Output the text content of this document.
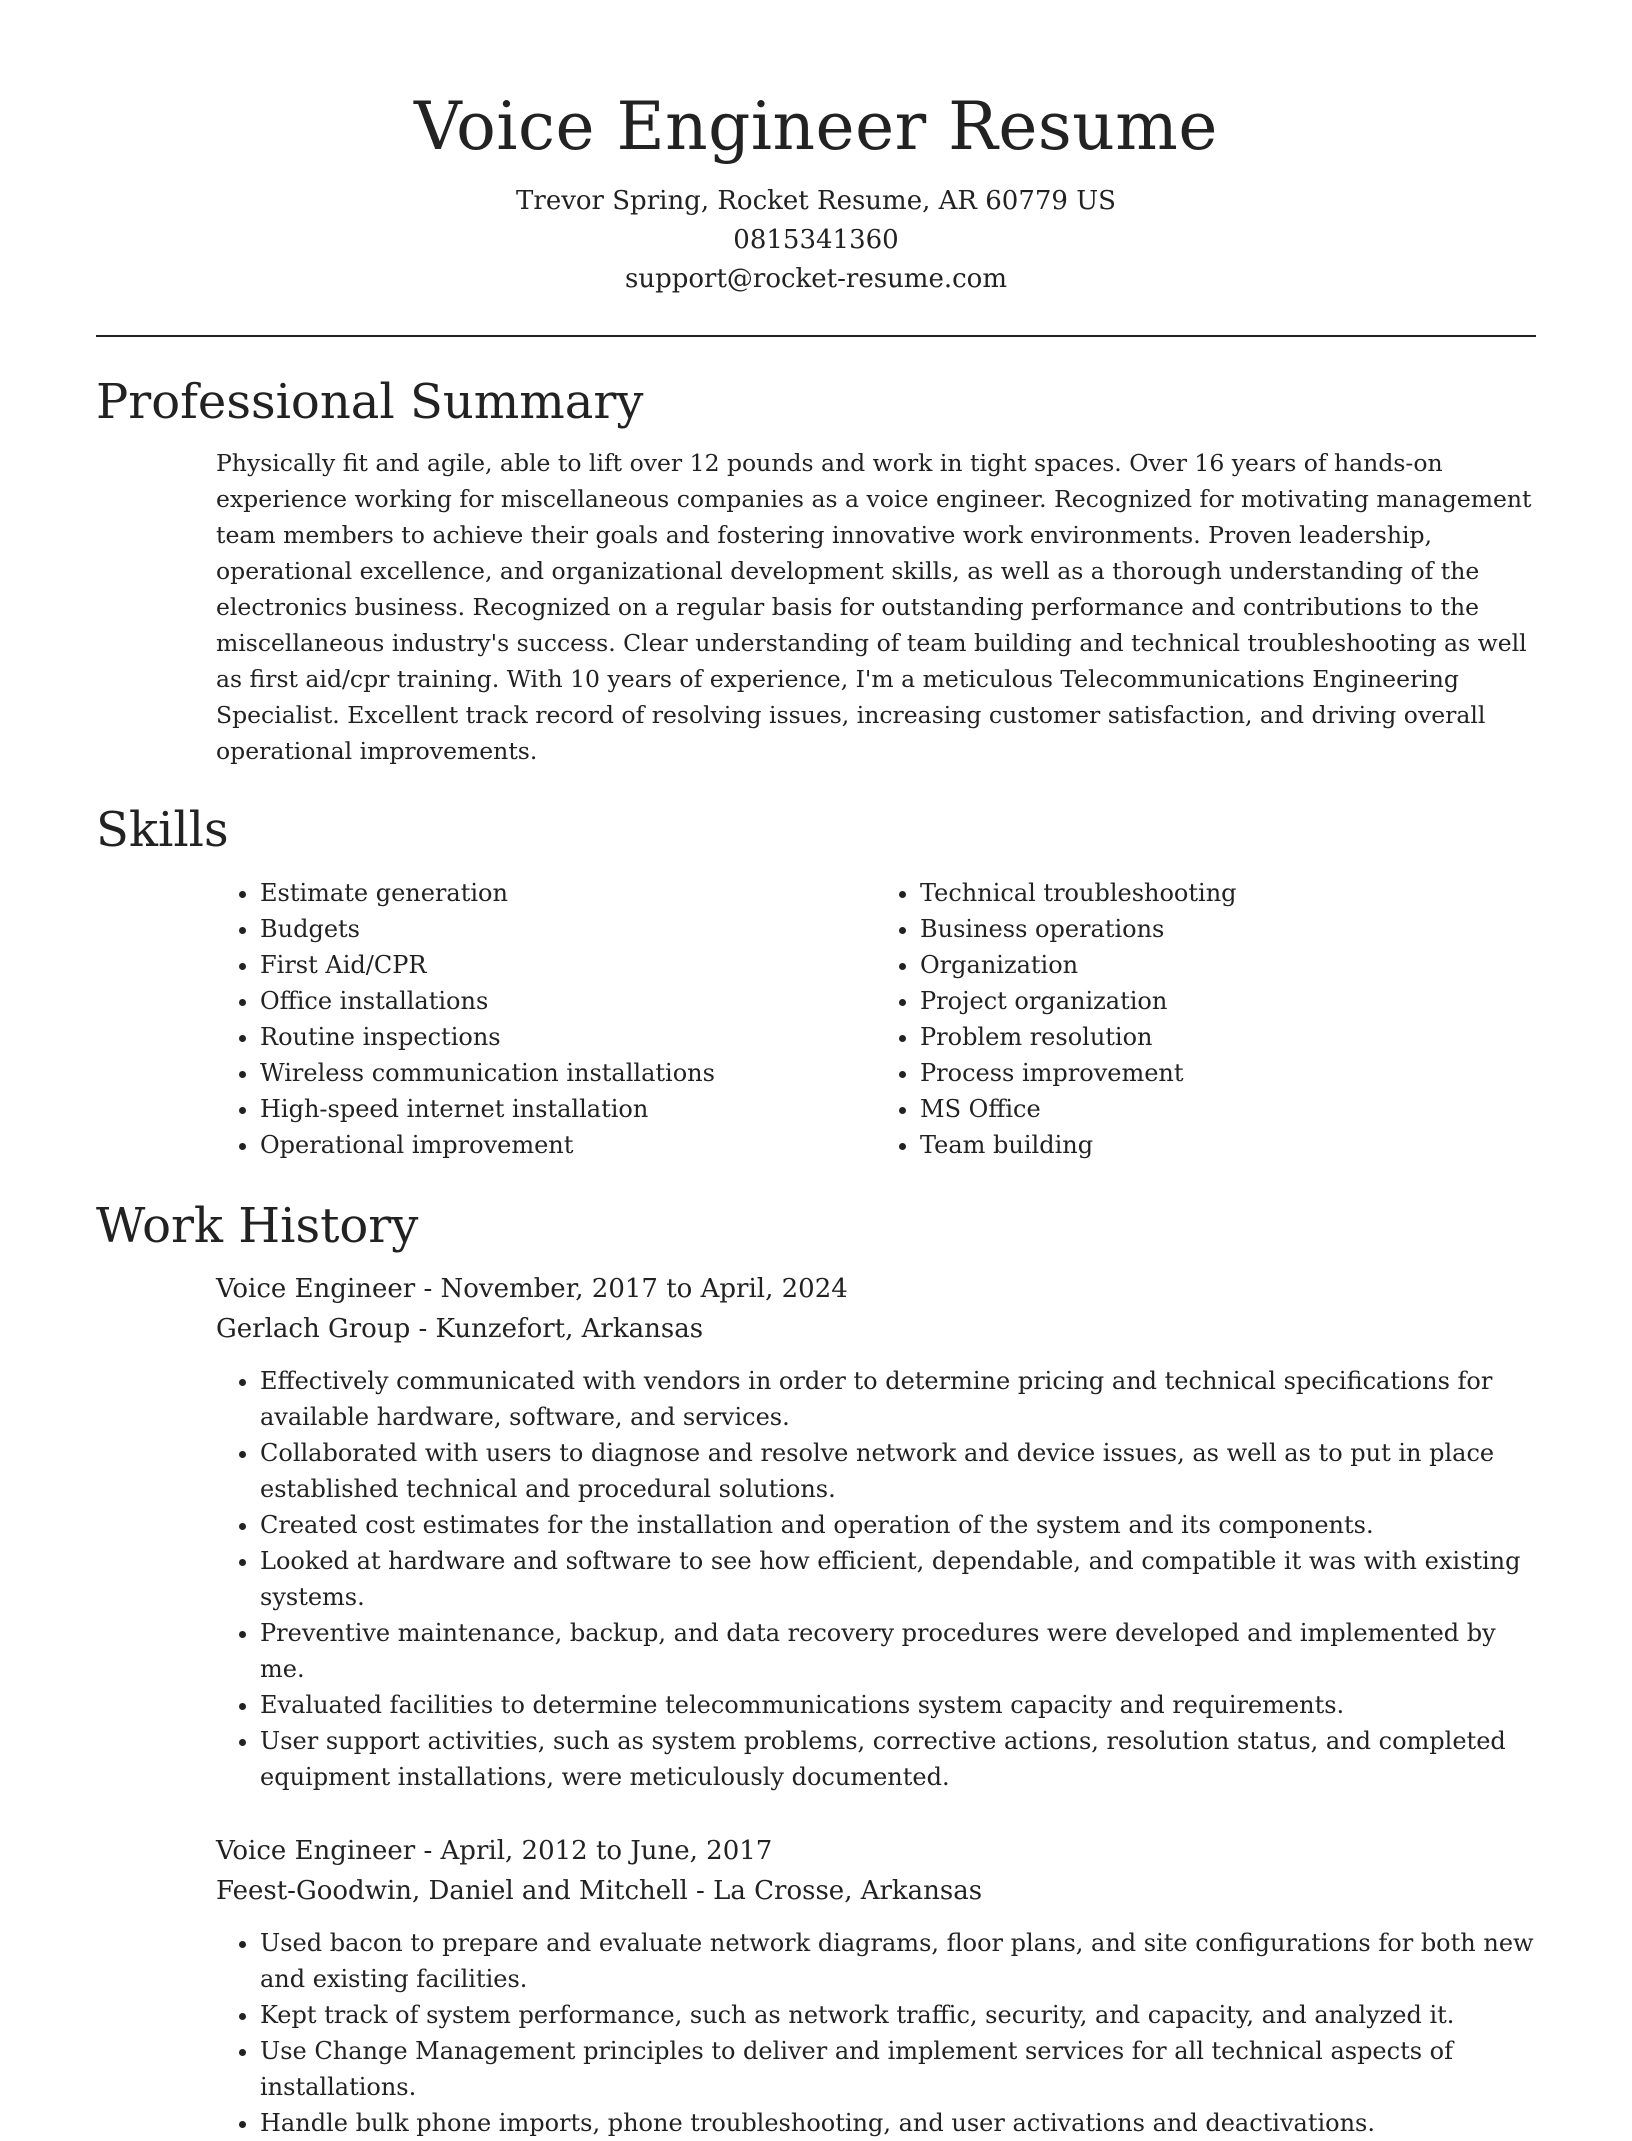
Voice Engineer Resume
Trevor Spring, Rocket Resume, AR 60779 US
0815341360
support@rocket-resume.com
Professional Summary

Physically fit and agile, able to lift over 12 pounds and work in tight spaces. Over 16 years of hands-on experience working for miscellaneous companies as a voice engineer. Recognized for motivating management team members to achieve their goals and fostering innovative work environments. Proven leadership, operational excellence, and organizational development skills, as well as a thorough understanding of the electronics business. Recognized on a regular basis for outstanding performance and contributions to the miscellaneous industry's success. Clear understanding of team building and technical troubleshooting as well as first aid/cpr training. With 10 years of experience, I'm a meticulous Telecommunications Engineering Specialist. Excellent track record of resolving issues, increasing customer satisfaction, and driving overall operational improvements.

Skills
• Estimate generation
• Budgets
• First Aid/CPR
• Office installations
• Routine inspections
• Wireless communication installations
• High-speed internet installation
• Operational improvement
• Technical troubleshooting
• Business operations
• Organization
• Project organization
• Problem resolution
• Process improvement
• MS Office
• Team building
Work History
Voice Engineer - November, 2017 to April, 2024
Gerlach Group - Kunzefort, Arkansas
• Effectively communicated with vendors in order to determine pricing and technical specifications for available hardware, software, and services.
• Collaborated with users to diagnose and resolve network and device issues, as well as to put in place established technical and procedural solutions.
• Created cost estimates for the installation and operation of the system and its components.
• Looked at hardware and software to see how efficient, dependable, and compatible it was with existing systems.
• Preventive maintenance, backup, and data recovery procedures were developed and implemented by me.
• Evaluated facilities to determine telecommunications system capacity and requirements.
• User support activities, such as system problems, corrective actions, resolution status, and completed equipment installations, were meticulously documented.
Voice Engineer - April, 2012 to June, 2017
Feest-Goodwin, Daniel and Mitchell - La Crosse, Arkansas
• Used bacon to prepare and evaluate network diagrams, floor plans, and site configurations for both new and existing facilities.
• Kept track of system performance, such as network traffic, security, and capacity, and analyzed it.
• Use Change Management principles to deliver and implement services for all technical aspects of installations.
• Handle bulk phone imports, phone troubleshooting, and user activations and deactivations.
